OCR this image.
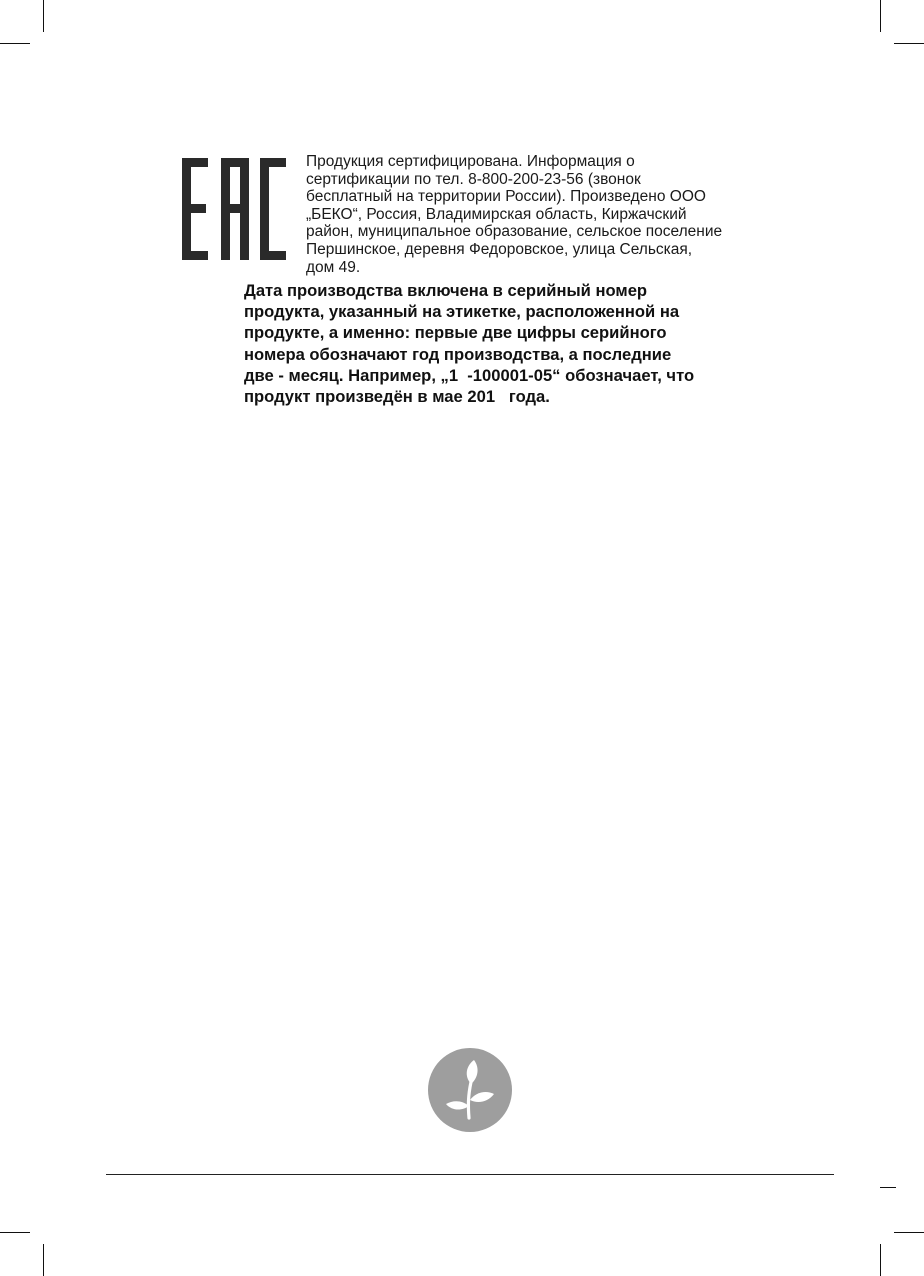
Продукция сертифицирована. Информация о

сертификации по тел. 8-800-200-23-56 (звонок

бесплатный на территории России). Произведено ООО

„БЕКО“, Россия, Владимирская область, Киржачский

район, муниципальное образование, сельское поселение

Першинское, деревня Федоровское, улица Сельская,

дом 49.

Дата производства включена в серийный номер

продукта, указанный на этикетке, расположенной на

продукте, а именно: первые две цифры серийного

номера обозначают год производства, а последние

две - месяц. Например, „1  -100001-05“ обозначает, что

продукт произведён в мае 201   года.
